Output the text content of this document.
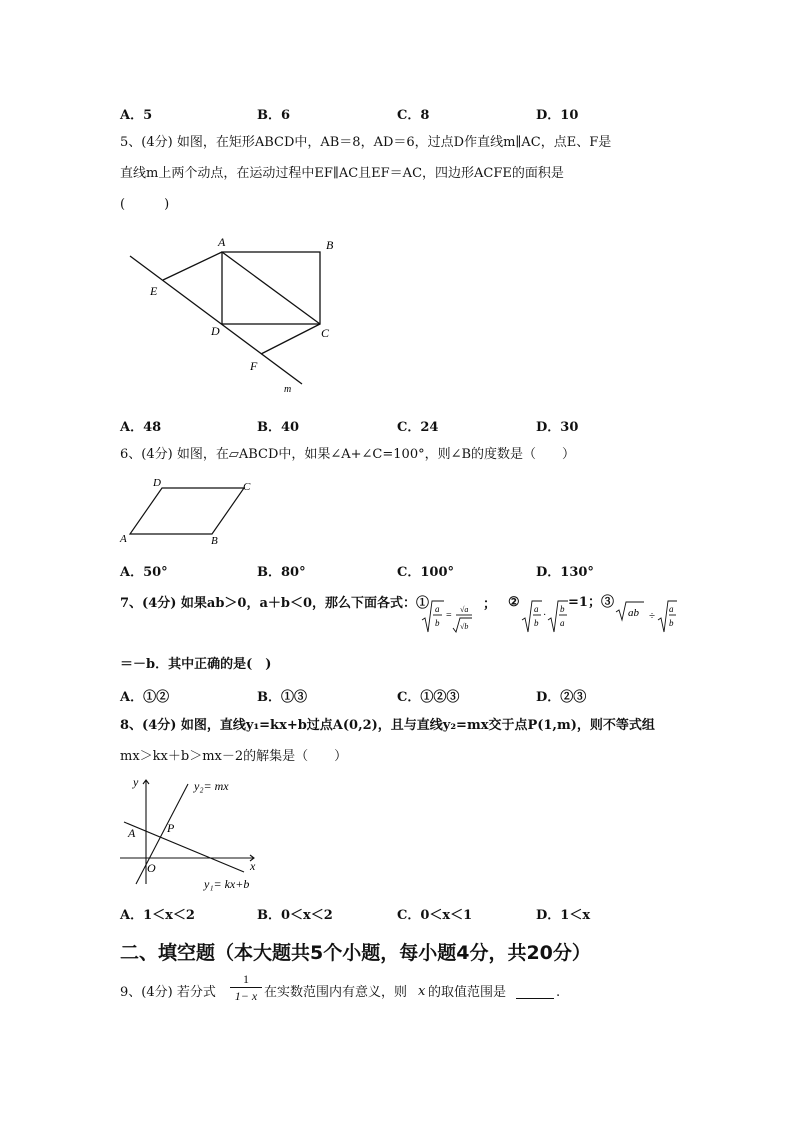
A．5	B．6	C．8	D．10
5、(4分) 如图，在矩形ABCD中，AB＝8，AD＝6，过点D作直线m∥AC，点E、F是
直线m上两个动点，在运动过程中EF∥AC且EF＝AC，四边形ACFE的面积是
(　　　)
A	B
C
D
E
F
m
A．48	B．40	C．24	D．30
6、(4分) 如图，在▱ABCD中，如果∠A+∠C=100°，则∠B的度数是（　　）
A	B
C
D
A．50°	B．80°	C．100°	D．130°
7、(4分) 如果ab＞0，a＋b＜0，那么下面各式：① a
b
=
√a
√b
； ② a
b
·
b
a
=1；③
ab ÷
a
b
＝－b．其中正确的是(　)
A．①②	B．①③	C．①②③	D．②③
8、(4分) 如图，直线y₁=kx+b过点A(0,2)，且与直线y₂=mx交于点P(1,m)，则不等式组
mx＞kx＋b＞mx－2的解集是（　　）
y
x
O
A	P
y₂= mx
y₁= kx+b
A．1＜x＜2	B．0＜x＜2	C．0＜x＜1	D．1＜x
二、填空题（本大题共5个小题，每小题4分，共20分）
9、(4分) 若分式
1
1− x 在实数范围内有意义，则 x 的取值范围是	.
